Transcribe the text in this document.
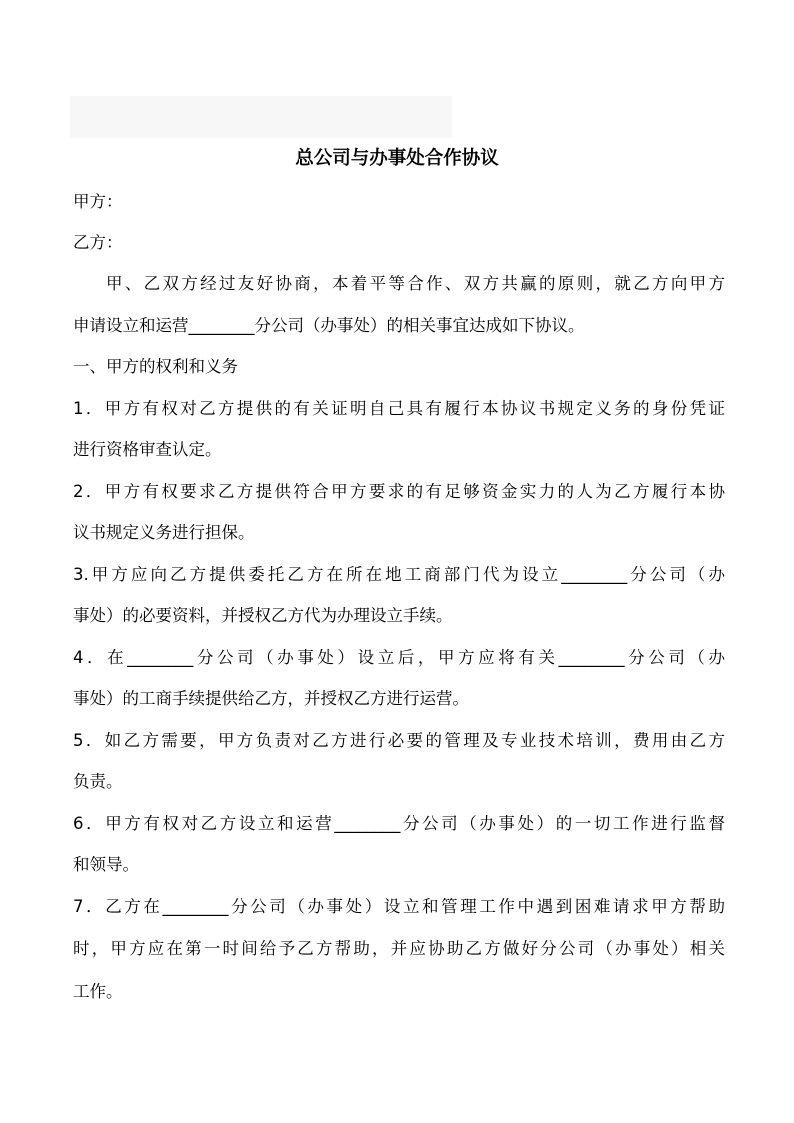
总公司与办事处合作协议
甲方：
乙方：
甲、乙双方经过友好协商，本着平等合作、双方共赢的原则，就乙方向甲方
申请设立和运营________分公司（办事处）的相关事宜达成如下协议。
一、甲方的权利和义务
1．甲方有权对乙方提供的有关证明自己具有履行本协议书规定义务的身份凭证
进行资格审查认定。
2．甲方有权要求乙方提供符合甲方要求的有足够资金实力的人为乙方履行本协
议书规定义务进行担保。
3.甲方应向乙方提供委托乙方在所在地工商部门代为设立________分公司（办
事处）的必要资料，并授权乙方代为办理设立手续。
4．在________分公司（办事处）设立后，甲方应将有关________分公司（办
事处）的工商手续提供给乙方，并授权乙方进行运营。
5．如乙方需要，甲方负责对乙方进行必要的管理及专业技术培训，费用由乙方
负责。
6．甲方有权对乙方设立和运营________分公司（办事处）的一切工作进行监督
和领导。
7．乙方在________分公司（办事处）设立和管理工作中遇到困难请求甲方帮助
时，甲方应在第一时间给予乙方帮助，并应协助乙方做好分公司（办事处）相关
工作。
